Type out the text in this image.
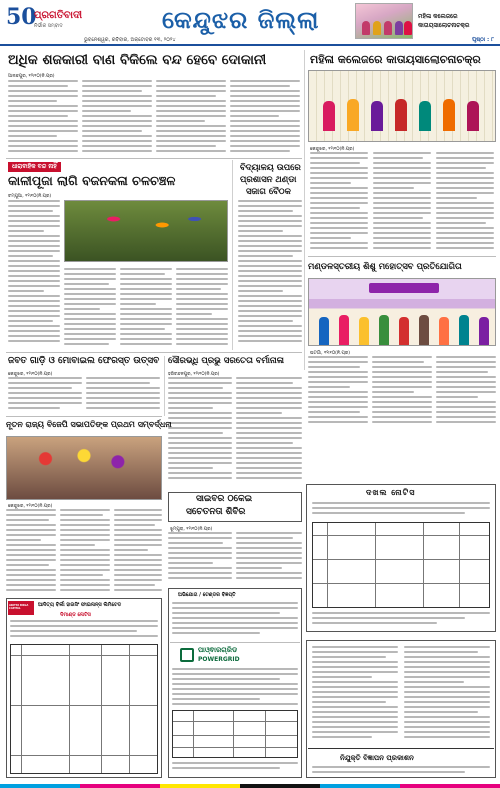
50
ପ୍ରଗତିବାଦୀ
ନିର୍ଭୀକ ସମ୍ବାଦ	କେନ୍ଦୁଝର ଜିଲ୍ଲା	ମହିଳା କଲେଜରେ କାତାୟସାଲୋଚନାଚକ୍ର
ଭୁବନେଶ୍ୱର, ରବିବାର, ଅକ୍ଟୋବର ୧୩, ୨୦୨୪	ପୃଷ୍ଠା : ୮
ଅଧିକ ଶଜକାରୀ ବାଣ ବିକିଲେ ବନ୍ଦ ହେବେ ଦୋକାନୀ
ଆନନ୍ଦପୁର, ୧୨ା୧୦(ନି.ପ୍ର)
ମହିଳା କଲେଜରେ କାତାୟସାଲୋଚନାଚକ୍ର
କେନ୍ଦୁଝର, ୧୨ା୧୦(ନି.ପ୍ର)
ଧାରାବାହିକ ବନ୍ଦ ନାହିଁ
କାଳୀପୂଜା ଲାଗି ବଜନକଳା ଚଳଚଞ୍ଚଳ
ଚମ୍ପୁଆ, ୧୨ା୧୦(ନି.ପ୍ର)
ବିଦ୍ୟାଳୟ ଉପରେ
ପ୍ରଶାସନ ଥଣ୍ଡା
ସଜାଗ ବୈଠକ
ମଣ୍ଡଳସ୍ତରୀୟ ଶିଶୁ ମହୋତ୍ସବ ପ୍ରତିଯୋଗିତା
ଘଟଗାଁ, ୧୨ା୧୦(ନି.ପ୍ର)
ଜବତ ଗାଡ଼ି ଓ ମୋବାଇଲ ଫେରସ୍ତ ଉତ୍ସବ
କେନ୍ଦୁଝର, ୧୨ା୧୦(ନି.ପ୍ର)
ସୌରଭ୍ଧି ପ୍ରଭୁ ସରତେତା ବର୍ମାନାଳା
ହରିଚନ୍ଦନପୁର, ୧୨ା୧୦(ନି.ପ୍ର)
ନୂତନ ରାଜ୍ୟ ବିଜେପି ସଭାପତିଙ୍କ ପ୍ରଥମ ସମ୍ବର୍ଦ୍ଧନା
କେନ୍ଦୁଝର, ୧୨ା୧୦(ନି.ପ୍ର)
ସାଇବର ଠକେଇ
ସଚେତନତା ଶିବିର
ଝୁମ୍ପୁରା, ୧୨ା୧୦(ନି.ପ୍ର)
ଦଖଲ ନୋଟିସ
ADITYA BIRLA CAPITAL
ଆଦିତ୍ୟ ବିର୍ଲା ହାଉସିଂ ଫାଇନାନ୍ସ ଲିମିଟେଡ
ଦିମାଣ୍ଡ ନୋଟିସ
ଅଭିଯୋଗ / ଟେଣ୍ଡର ବିଜ୍ଞପ୍ତି
ପାଓ୍ଵାରଗ୍ରିଡ
POWERGRID
ନିଯୁକ୍ତି ବିଜ୍ଞାପନ ପ୍ରକାଶନ
